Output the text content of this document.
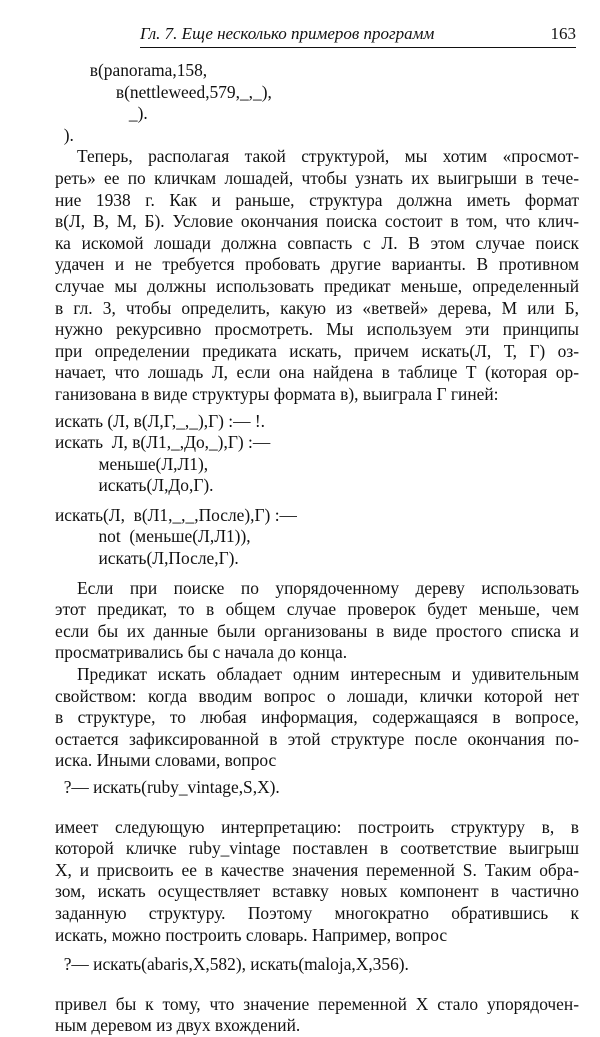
Гл. 7. Еще несколько примеров программ	163
в(panorama,158,
в(nettleweed,579,_,_),
_).
).
Теперь, располагая такой структурой, мы хотим «просмот-
реть» ее по кличкам лошадей, чтобы узнать их выигрыши в тече-
ние 1938 г. Как и раньше, структура должна иметь формат
в(Л, В, М, Б). Условие окончания поиска состоит в том, что клич-
ка искомой лошади должна совпасть с Л. В этом случае поиск
удачен и не требуется пробовать другие варианты. В противном
случае мы должны использовать предикат меньше, определенный
в гл. 3, чтобы определить, какую из «ветвей» дерева, М или Б,
нужно рекурсивно просмотреть. Мы используем эти принципы
при определении предиката искать, причем искать(Л, Т, Г) оз-
начает, что лошадь Л, если она найдена в таблице Т (которая ор-
ганизована в виде структуры формата в), выиграла Г гиней:
искать (Л, в(Л,Г,_,_),Г) :— !.
искать  Л, в(Л1,_,До,_),Г) :—
меньше(Л,Л1),
искать(Л,До,Г).
искать(Л,  в(Л1,_,_,После),Г) :—
not  (меньше(Л,Л1)),
искать(Л,После,Г).
Если при поиске по упорядоченному дереву использовать
этот предикат, то в общем случае проверок будет меньше, чем
если бы их данные были организованы в виде простого списка и
просматривались бы с начала до конца.
Предикат искать обладает одним интересным и удивительным
свойством: когда вводим вопрос о лошади, клички которой нет
в структуре, то любая информация, содержащаяся в вопросе,
остается зафиксированной в этой структуре после окончания по-
иска. Иными словами, вопрос
?— искать(ruby_vintage,S,X).
имеет следующую интерпретацию: построить структуру в, в
которой кличке ruby_vintage поставлен в соответствие выигрыш
X, и присвоить ее в качестве значения переменной S. Таким обра-
зом, искать осуществляет вставку новых компонент в частично
заданную структуру. Поэтому многократно обратившись к
искать, можно построить словарь. Например, вопрос
?— искать(abaris,X,582), искать(maloja,X,356).
привел бы к тому, что значение переменной X стало упорядочен-
ным деревом из двух вхождений.
